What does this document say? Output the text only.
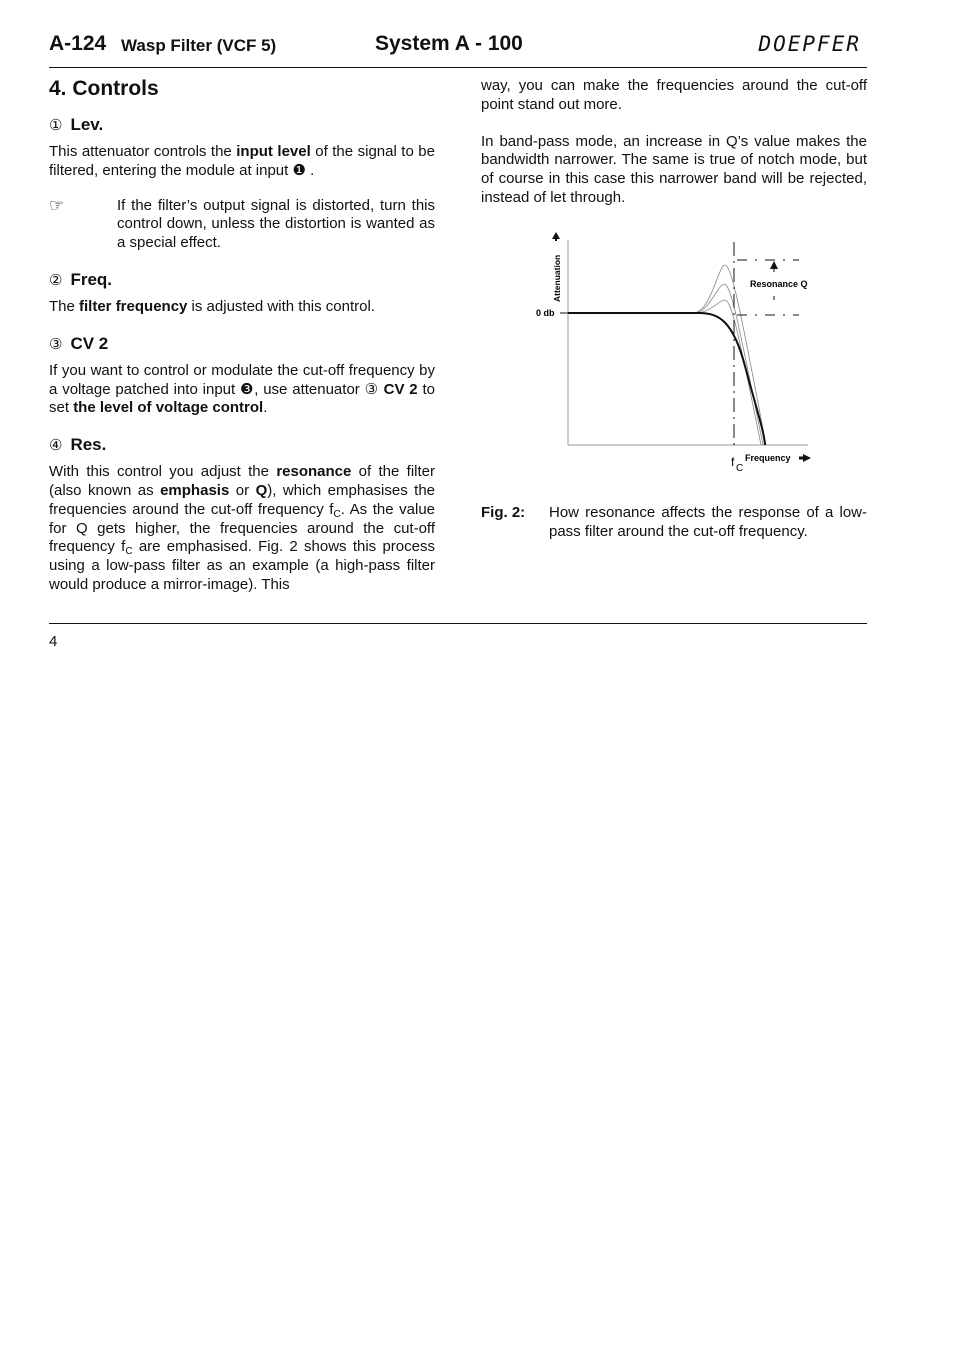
A-124 Wasp Filter (VCF 5)	System A - 100	DOEPFER
4. Controls
① Lev.
This attenuator controls the input level of the signal to be filtered, entering the module at input ❶ .
☞	If the filter’s output signal is distorted, turn this control down, unless the distortion is wanted as a special effect.
② Freq.
The filter frequency is adjusted with this control.
③ CV 2
If you want to control or modulate the cut-off frequency by a voltage patched into input ❸, use attenuator ③ CV 2 to set the level of voltage control.
④ Res.
With this control you adjust the resonance of the filter (also known as emphasis or Q), which emphasises the frequencies around the cut-off frequency $f_C$. As the value for Q gets higher, the frequencies around the cut-off frequency $f_C$ are emphasised. Fig. 2 shows this process using a low-pass filter as an example (a high-pass filter would produce a mirror-image). This
way, you can make the frequencies around the cut-off point stand out more.
In band-pass mode, an increase in Q’s value makes the bandwidth narrower. The same is true of notch mode, but of course in this case this narrower band will be rejected, instead of let through.
Attenuation
0 db
Resonance Q
f C
Frequency
Fig. 2:	How resonance affects the response of a low-pass filter around the cut-off frequency.
4
